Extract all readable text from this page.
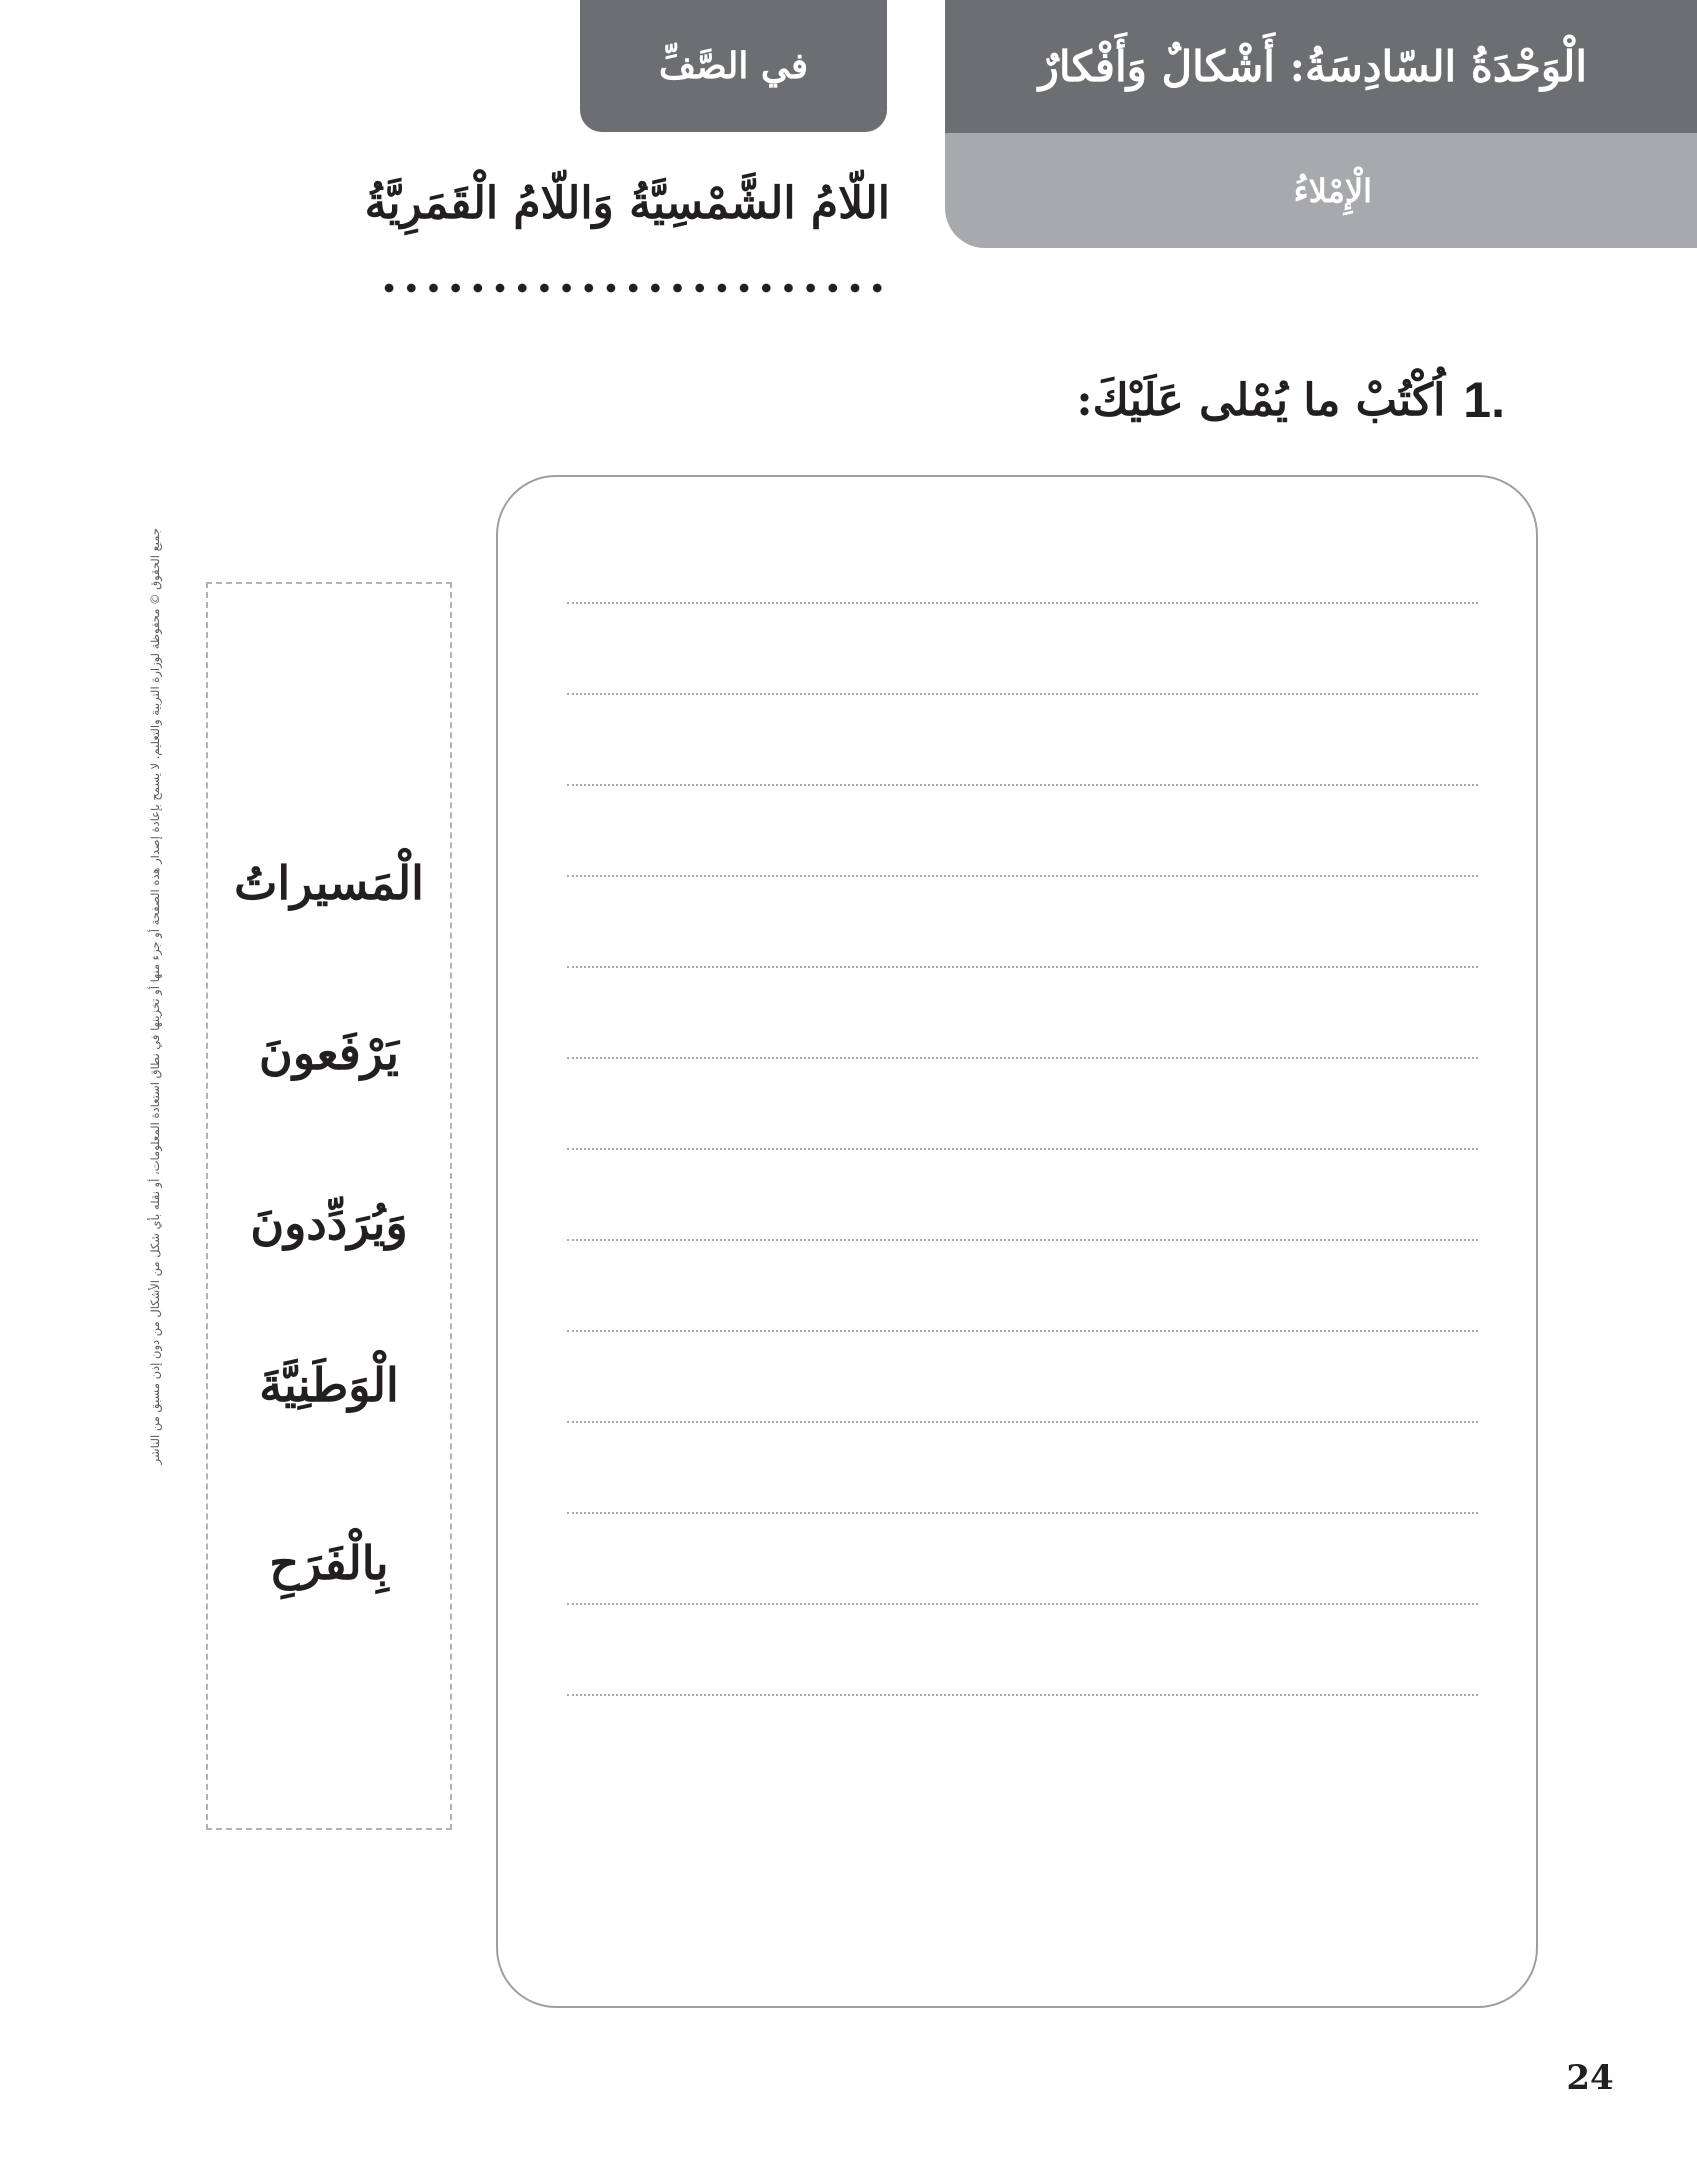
في الصَّفِّ	الْوَحْدَةُ السّادِسَةُ: أَشْكالٌ وَأَفْكارٌ
الْإِمْلاءُ
اللّامُ الشَّمْسِيَّةُ وَاللّامُ الْقَمَرِيَّةُ
1.
اُكْتُبْ ما يُمْلى عَلَيْكَ:
الْمَسيراتُ
يَرْفَعونَ
وَيُرَدِّدونَ
الْوَطَنِيَّةَ
بِالْفَرَحِ
جميع الحقوق © محفوظة لوزارة التربية والتعليم. لا يسمح بإعادة إصدار هذه الصفحة أو جزء منها أو تخزينها في نطاق استعادة المعلومات، أو نقله بأي شكل من الأشكال من دون إذن مسبق من الناشر
24
